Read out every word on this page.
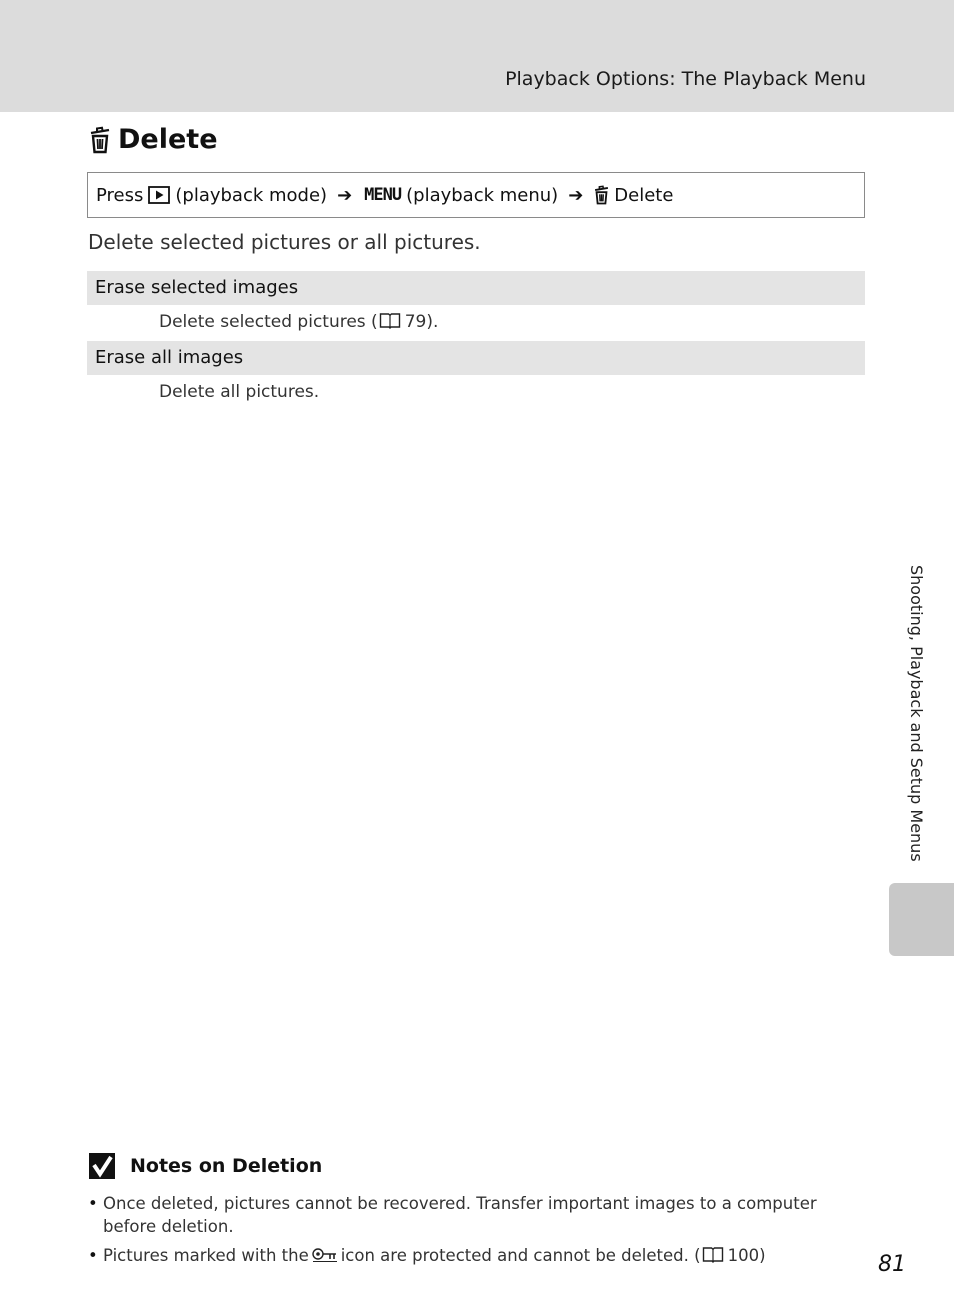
Playback Options: The Playback Menu
Delete
Press (playback mode) ➔ MENU (playback menu) ➔ Delete
Delete selected pictures or all pictures.
Erase selected images
Delete selected pictures ( 79).
Erase all images
Delete all pictures.
Shooting, Playback and Setup Menus
Notes on Deletion
• Once deleted, pictures cannot be recovered. Transfer important images to a computer before deletion.
• Pictures marked with the icon are protected and cannot be deleted. ( 100)	81
